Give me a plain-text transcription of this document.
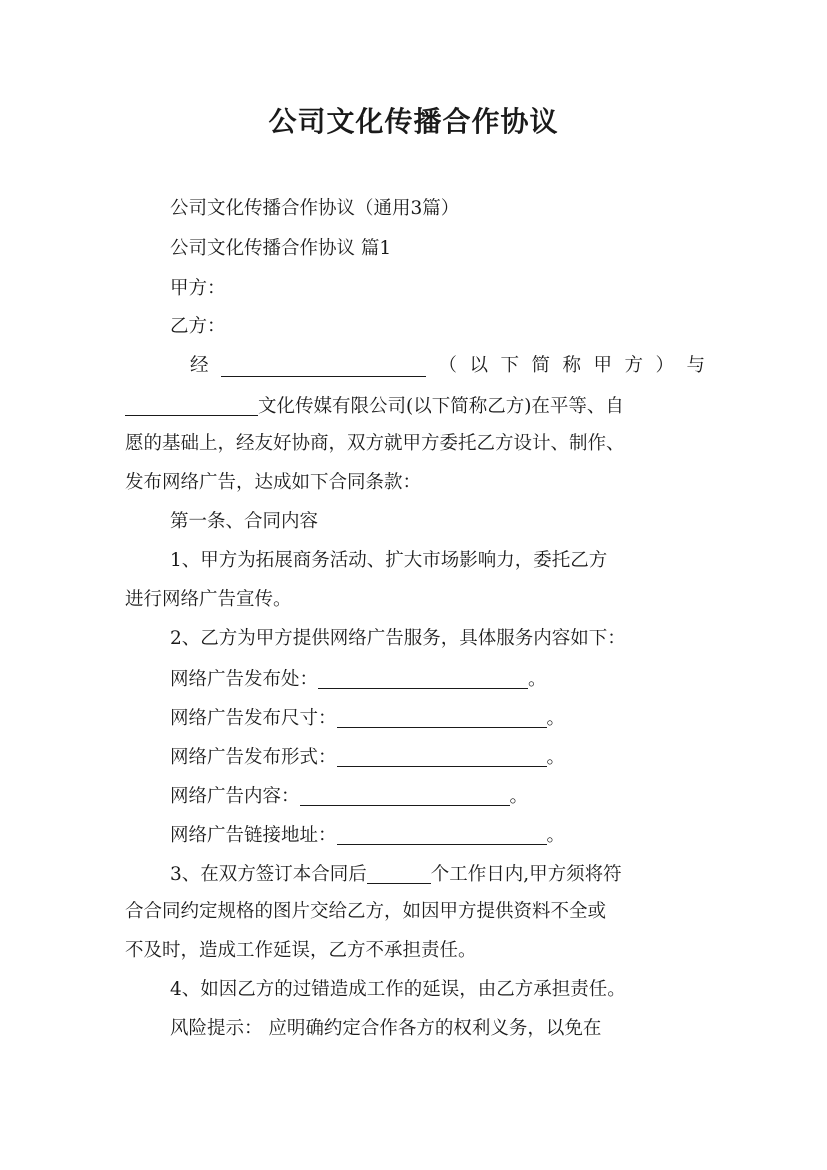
公司文化传播合作协议
公司文化传播合作协议（通用3篇）
公司文化传播合作协议 篇1
甲方：
乙方：
经	（ 以 下 简 称 甲 方 ） 与
文化传媒有限公司(以下简称乙方)在平等、自
愿的基础上，经友好协商，双方就甲方委托乙方设计、制作、
发布网络广告，达成如下合同条款：
第一条、合同内容
1、甲方为拓展商务活动、扩大市场影响力，委托乙方
进行网络广告宣传。
2、乙方为甲方提供网络广告服务，具体服务内容如下：
网络广告发布处：	。
网络广告发布尺寸：	。
网络广告发布形式：	。
网络广告内容：	。
网络广告链接地址：	。
3、在双方签订本合同后	个工作日内,甲方须将符
合合同约定规格的图片交给乙方，如因甲方提供资料不全或
不及时，造成工作延误，乙方不承担责任。
4、如因乙方的过错造成工作的延误，由乙方承担责任。
风险提示： 应明确约定合作各方的权利义务，以免在
